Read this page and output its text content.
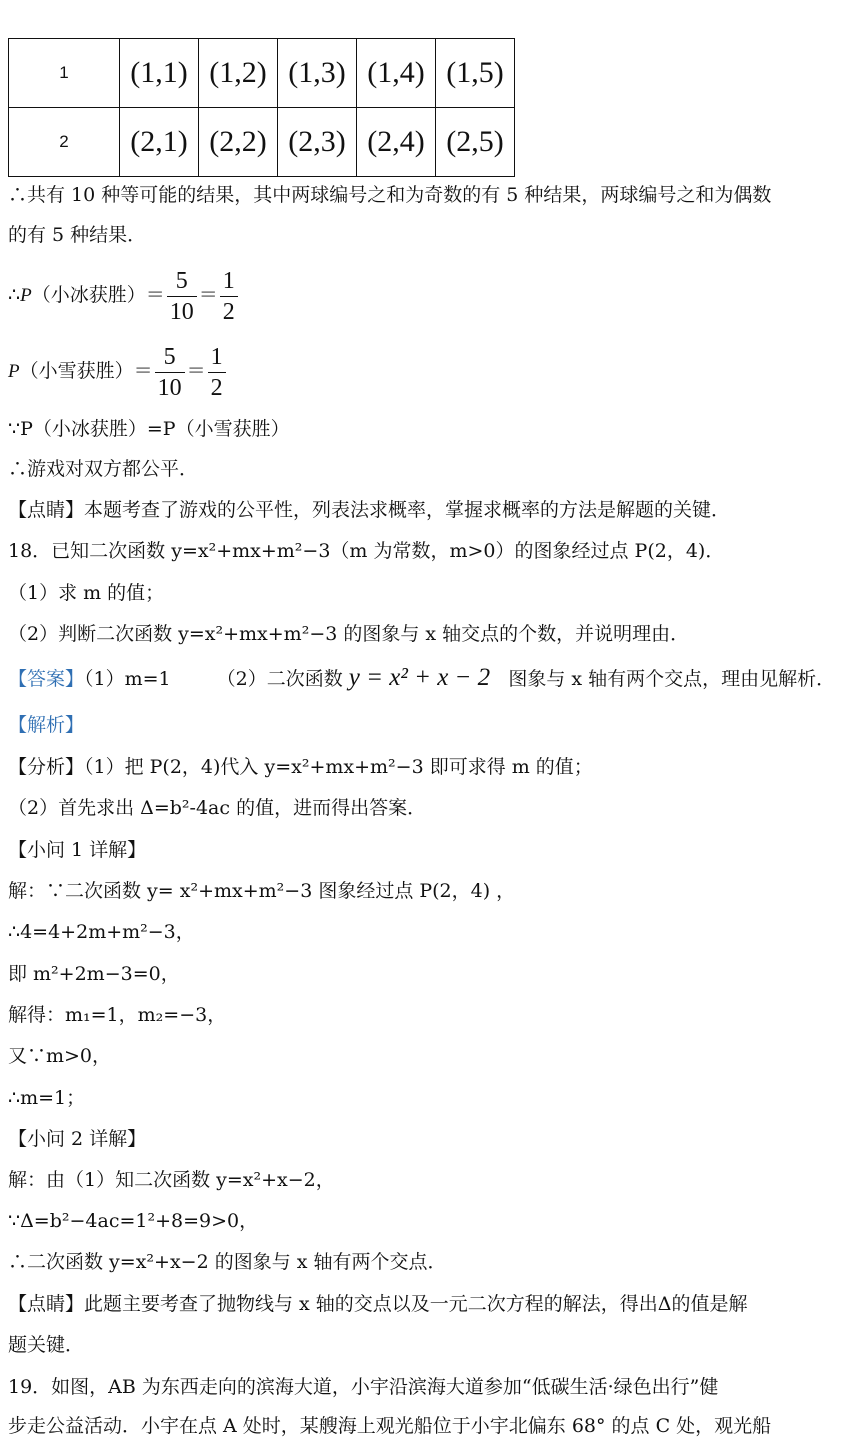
1	(1,1)	(1,2)	(1,3)	(1,4)	(1,5)
2	(2,1)	(2,2)	(2,3)	(2,4)	(2,5)
∴共有 10 种等可能的结果，其中两球编号之和为奇数的有 5 种结果，两球编号之和为偶数
的有 5 种结果．
∴P（小冰获胜）＝ $\frac{5}{10} = \frac{1}{2}$
P（小雪获胜）＝ $\frac{5}{10} = \frac{1}{2}$
∵P（小冰获胜）=P（小雪获胜）
∴游戏对双方都公平．
【点睛】本题考查了游戏的公平性，列表法求概率，掌握求概率的方法是解题的关键．
18．已知二次函数 y=x²+mx+m²−3（m 为常数，m>0）的图象经过点 P(2，4)．
（1）求 m 的值；
（2）判断二次函数 y=x²+mx+m²−3 的图象与 x 轴交点的个数，并说明理由．
【答案】（1）m=1 （2）二次函数 y = x² + x − 2 图象与 x 轴有两个交点，理由见解析．
【解析】
【分析】（1）把 P(2，4)代入 y=x²+mx+m²−3 即可求得 m 的值；
（2）首先求出 Δ=b²-4ac 的值，进而得出答案．
【小问 1 详解】
解：∵二次函数 y= x²+mx+m²−3 图象经过点 P(2，4) ，
∴4=4+2m+m²−3，
即 m²+2m−3=0，
解得：m₁=1，m₂=−3，
又∵m>0，
∴m=1；
【小问 2 详解】
解：由（1）知二次函数 y=x²+x−2，
∵Δ=b²−4ac=1²+8=9>0，
∴二次函数 y=x²+x−2 的图象与 x 轴有两个交点．
【点睛】此题主要考查了抛物线与 x 轴的交点以及一元二次方程的解法，得出Δ的值是解
题关键．
19．如图，AB 为东西走向的滨海大道，小宇沿滨海大道参加“低碳生活·绿色出行”健
步走公益活动．小宇在点 A 处时，某艘海上观光船位于小宇北偏东 68° 的点 C 处，观光船
